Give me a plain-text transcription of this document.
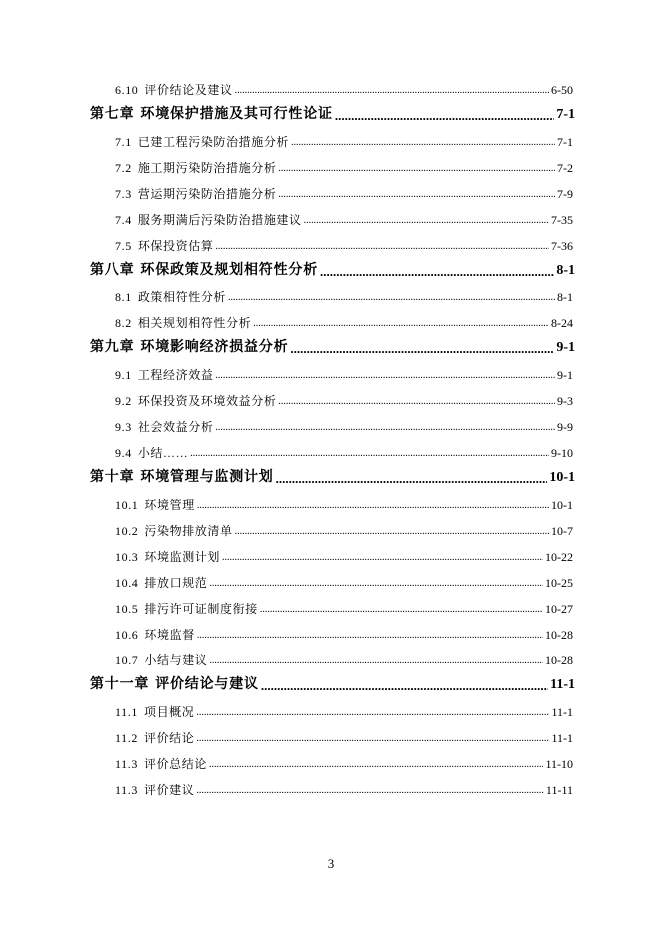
6.10 评价结论及建议 .....	6-50
第七章 环境保护措施及其可行性论证 .....	7-1
7.1 已建工程污染防治措施分析 .....	7-1
7.2 施工期污染防治措施分析 .....	7-2
7.3 营运期污染防治措施分析 .....	7-9
7.4 服务期满后污染防治措施建议 .....	7-35
7.5 环保投资估算 .....	7-36
第八章 环保政策及规划相符性分析 .....	8-1
8.1 政策相符性分析 .....	8-1
8.2 相关规划相符性分析 .....	8-24
第九章 环境影响经济损益分析 .....	9-1
9.1 工程经济效益 .....	9-1
9.2 环保投资及环境效益分析 .....	9-3
9.3 社会效益分析 .....	9-9
9.4 小结…… .....	9-10
第十章 环境管理与监测计划 .....	10-1
10.1 环境管理 .....	10-1
10.2 污染物排放清单 .....	10-7
10.3 环境监测计划 .....	10-22
10.4 排放口规范 .....	10-25
10.5 排污许可证制度衔接 .....	10-27
10.6 环境监督 .....	10-28
10.7 小结与建议 .....	10-28
第十一章 评价结论与建议 .....	11-1
11.1 项目概况 .....	11-1
11.2 评价结论 .....	11-1
11.3 评价总结论 .....	11-10
11.3 评价建议 .....	11-11
3
